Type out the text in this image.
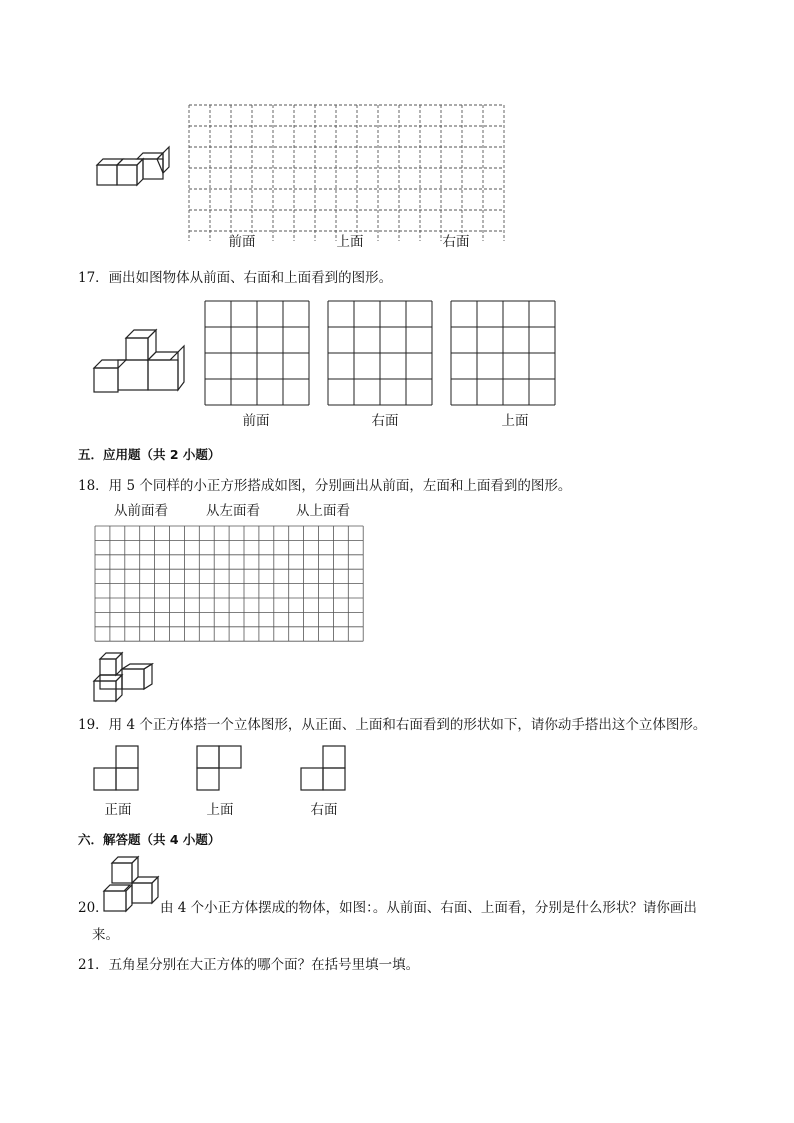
前面	上面	右面
17．画出如图物体从前面、右面和上面看到的图形。
前面	右面	上面
五．应用题（共 2 小题）
18．用 5 个同样的小正方形搭成如图，分别画出从前面，左面和上面看到的图形。
从前面看	从左面看	从上面看
19．用 4 个正方体搭一个立体图形，从正面、上面和右面看到的形状如下，请你动手搭出这个立体图形。
正面	上面	右面
六．解答题（共 4 小题）
20．	由 4 个小正方体摆成的物体，如图：。从前面、右面、上面看，分别是什么形状？请你画出
来。
21．五角星分别在大正方体的哪个面？在括号里填一填。
